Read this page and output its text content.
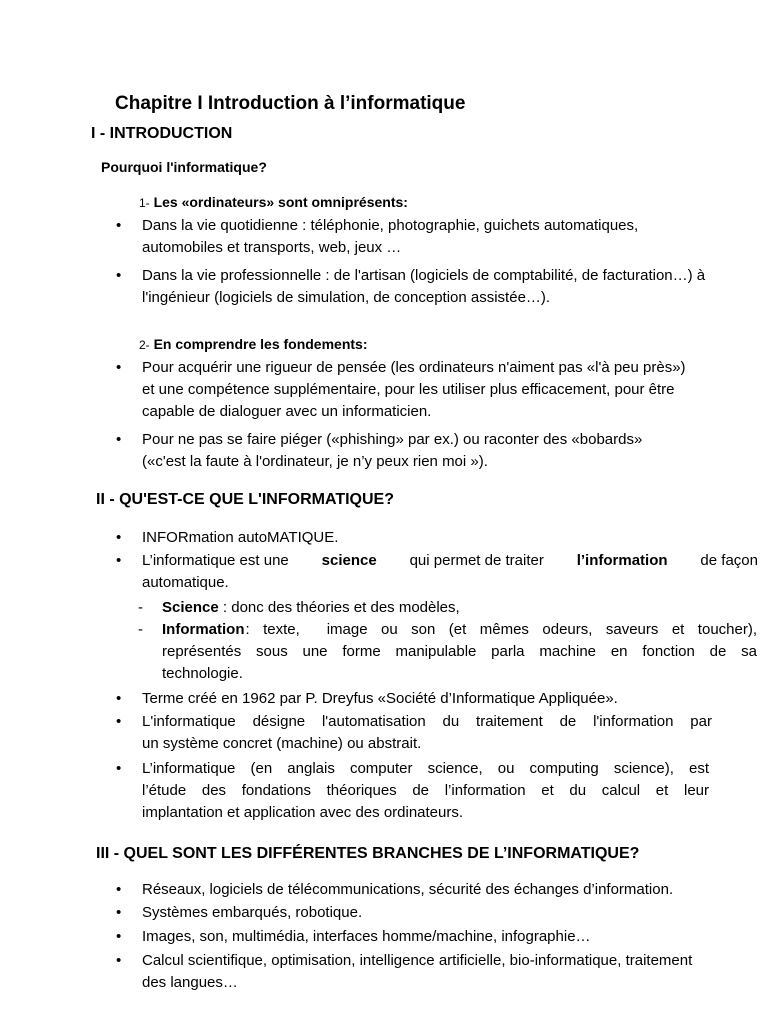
Chapitre I Introduction à l’informatique
I - INTRODUCTION
Pourquoi l'informatique?
1- Les «ordinateurs» sont omniprésents:
• Dans la vie quotidienne : téléphonie, photographie, guichets automatiques,
automobiles et transports, web, jeux …
• Dans la vie professionnelle : de l'artisan (logiciels de comptabilité, de facturation…) à
l'ingénieur (logiciels de simulation, de conception assistée…).
2- En comprendre les fondements:
• Pour acquérir une rigueur de pensée (les ordinateurs n'aiment pas «l'à peu près»)
et une compétence supplémentaire, pour les utiliser plus efficacement, pour être
capable de dialoguer avec un informaticien.
• Pour ne pas se faire piéger («phishing» par ex.) ou raconter des «bobards»
(«c'est la faute à l'ordinateur, je n’y peux rien moi »).
II - QU'EST-CE QUE L'INFORMATIQUE?
• INFORmation autoMATIQUE.
• L’informatique est une science qui permet de traiter l’information de façon
automatique.
- Science : donc des théories et des modèles,
- Information : texte,  image ou son (et mêmes odeurs, saveurs et toucher),
représentés sous une forme manipulable parla machine en fonction de sa
technologie.
• Terme créé en 1962 par P. Dreyfus «Société d’Informatique Appliquée».
• L'informatique désigne l'automatisation du traitement de l'information par
un système concret (machine) ou abstrait.
• L’informatique (en anglais computer science, ou computing science), est
l’étude des fondations théoriques de l’information et du calcul et leur
implantation et application avec des ordinateurs.
III - QUEL SONT LES DIFFÉRENTES BRANCHES DE L’INFORMATIQUE?
• Réseaux, logiciels de télécommunications, sécurité des échanges d’information.
• Systèmes embarqués, robotique.
• Images, son, multimédia, interfaces homme/machine, infographie…
• Calcul scientifique, optimisation, intelligence artificielle, bio-informatique, traitement
des langues…
